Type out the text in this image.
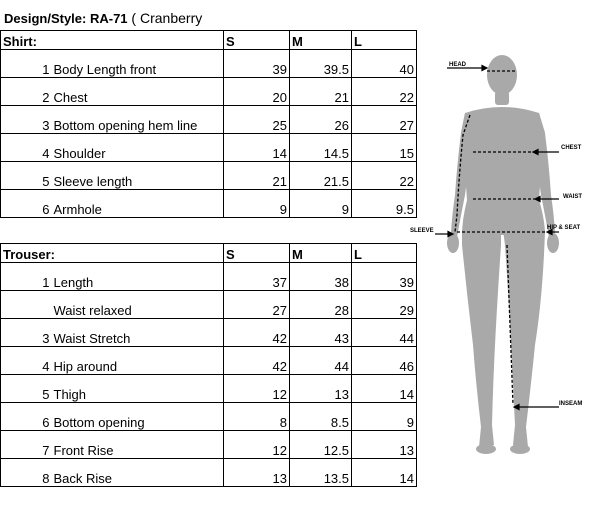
Design/Style: RA-71 ( Cranberry
Shirt:		S	M	L
1	Body Length front	39	39.5	40
2	Chest	20	21	22
3	Bottom opening hem line	25	26	27
4	Shoulder	14	14.5	15
5	Sleeve length	21	21.5	22
6	Armhole	9	9	9.5
Trouser:		S	M	L
1	Length	37	38	39
	Waist relaxed	27	28	29
3	Waist Stretch	42	43	44
4	Hip around	42	44	46
5	Thigh	12	13	14
6	Bottom opening	8	8.5	9
7	Front Rise	12	12.5	13
8	Back Rise	13	13.5	14
HEAD
CHEST
WAIST
HIP & SEAT
SLEEVE
INSEAM
